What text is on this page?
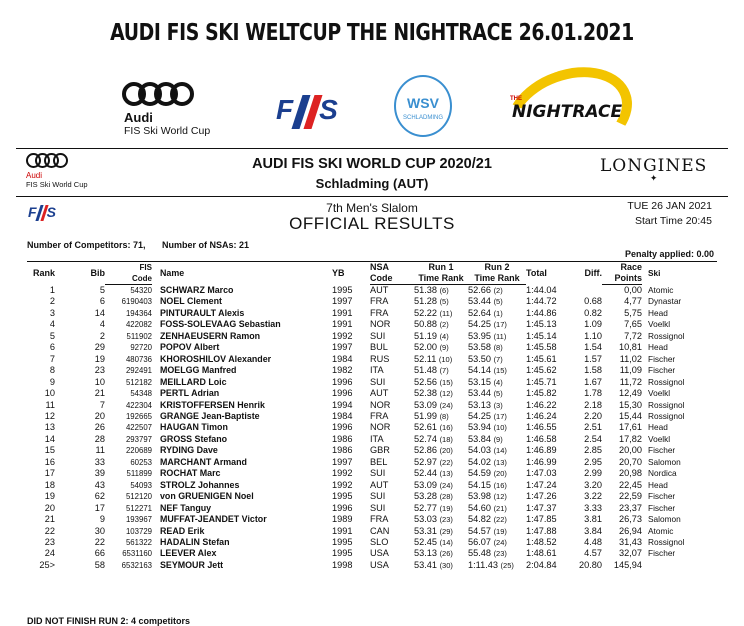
AUDI FIS SKI WELTCUP THE NIGHTRACE 26.01.2021
Audi
FIS Ski World Cup
F S	WSV
SCHLADMING
THE
NIGHTRACE
Audi
FIS Ski World Cup
AUDI FIS SKI WORLD CUP 2020/21
Schladming (AUT)
LONGINES
✦
F S	7th Men's Slalom
OFFICIAL RESULTS
TUE 26 JAN 2021
Start Time 20:45
Number of Competitors: 71, Number of NSAs: 21
Penalty applied: 0.00
Rank	Bib	FIS	Name	YB	NSA	Run 1	Run 2	Total	Diff.	Race	Ski
		Code			Code	Time Rank	Time Rank			Points	
1	5	54320	SCHWARZ Marco	1995	AUT	51.38 (6)	52.66 (2)	1:44.04		0,00	Atomic
2	6	6190403	NOEL Clement	1997	FRA	51.28 (5)	53.44 (5)	1:44.72	0.68	4,77	Dynastar
3	14	194364	PINTURAULT Alexis	1991	FRA	52.22 (11)	52.64 (1)	1:44.86	0.82	5,75	Head
4	4	422082	FOSS-SOLEVAAG Sebastian	1991	NOR	50.88 (2)	54.25 (17)	1:45.13	1.09	7,65	Voelkl
5	2	511902	ZENHAEUSERN Ramon	1992	SUI	51.19 (4)	53.95 (11)	1:45.14	1.10	7,72	Rossignol
6	29	92720	POPOV Albert	1997	BUL	52.00 (9)	53.58 (8)	1:45.58	1.54	10,81	Head
7	19	480736	KHOROSHILOV Alexander	1984	RUS	52.11 (10)	53.50 (7)	1:45.61	1.57	11,02	Fischer
8	23	292491	MOELGG Manfred	1982	ITA	51.48 (7)	54.14 (15)	1:45.62	1.58	11,09	Fischer
9	10	512182	MEILLARD Loic	1996	SUI	52.56 (15)	53.15 (4)	1:45.71	1.67	11,72	Rossignol
10	21	54348	PERTL Adrian	1996	AUT	52.38 (12)	53.44 (5)	1:45.82	1.78	12,49	Voelkl
11	7	422304	KRISTOFFERSEN Henrik	1994	NOR	53.09 (24)	53.13 (3)	1:46.22	2.18	15,30	Rossignol
12	20	192665	GRANGE Jean-Baptiste	1984	FRA	51.99 (8)	54.25 (17)	1:46.24	2.20	15,44	Rossignol
13	26	422507	HAUGAN Timon	1996	NOR	52.61 (16)	53.94 (10)	1:46.55	2.51	17,61	Head
14	28	293797	GROSS Stefano	1986	ITA	52.74 (18)	53.84 (9)	1:46.58	2.54	17,82	Voelkl
15	11	220689	RYDING Dave	1986	GBR	52.86 (20)	54.03 (14)	1:46.89	2.85	20,00	Fischer
16	33	60253	MARCHANT Armand	1997	BEL	52.97 (22)	54.02 (13)	1:46.99	2.95	20,70	Salomon
17	39	511899	ROCHAT Marc	1992	SUI	52.44 (13)	54.59 (20)	1:47.03	2.99	20,98	Nordica
18	43	54093	STROLZ Johannes	1992	AUT	53.09 (24)	54.15 (16)	1:47.24	3.20	22,45	Head
19	62	512120	von GRUENIGEN Noel	1995	SUI	53.28 (28)	53.98 (12)	1:47.26	3.22	22,59	Fischer
20	17	512271	NEF Tanguy	1996	SUI	52.77 (19)	54.60 (21)	1:47.37	3.33	23,37	Fischer
21	9	193967	MUFFAT-JEANDET Victor	1989	FRA	53.03 (23)	54.82 (22)	1:47.85	3.81	26,73	Salomon
22	30	103729	READ Erik	1991	CAN	53.31 (29)	54.57 (19)	1:47.88	3.84	26,94	Atomic
23	22	561322	HADALIN Stefan	1995	SLO	52.45 (14)	56.07 (24)	1:48.52	4.48	31,43	Rossignol
24	66	6531160	LEEVER Alex	1995	USA	53.13 (26)	55.48 (23)	1:48.61	4.57	32,07	Fischer
25>	58	6532163	SEYMOUR Jett	1998	USA	53.41 (30)	1:11.43 (25)	2:04.84	20.80	145,94	
DID NOT FINISH RUN 2: 4 competitors
